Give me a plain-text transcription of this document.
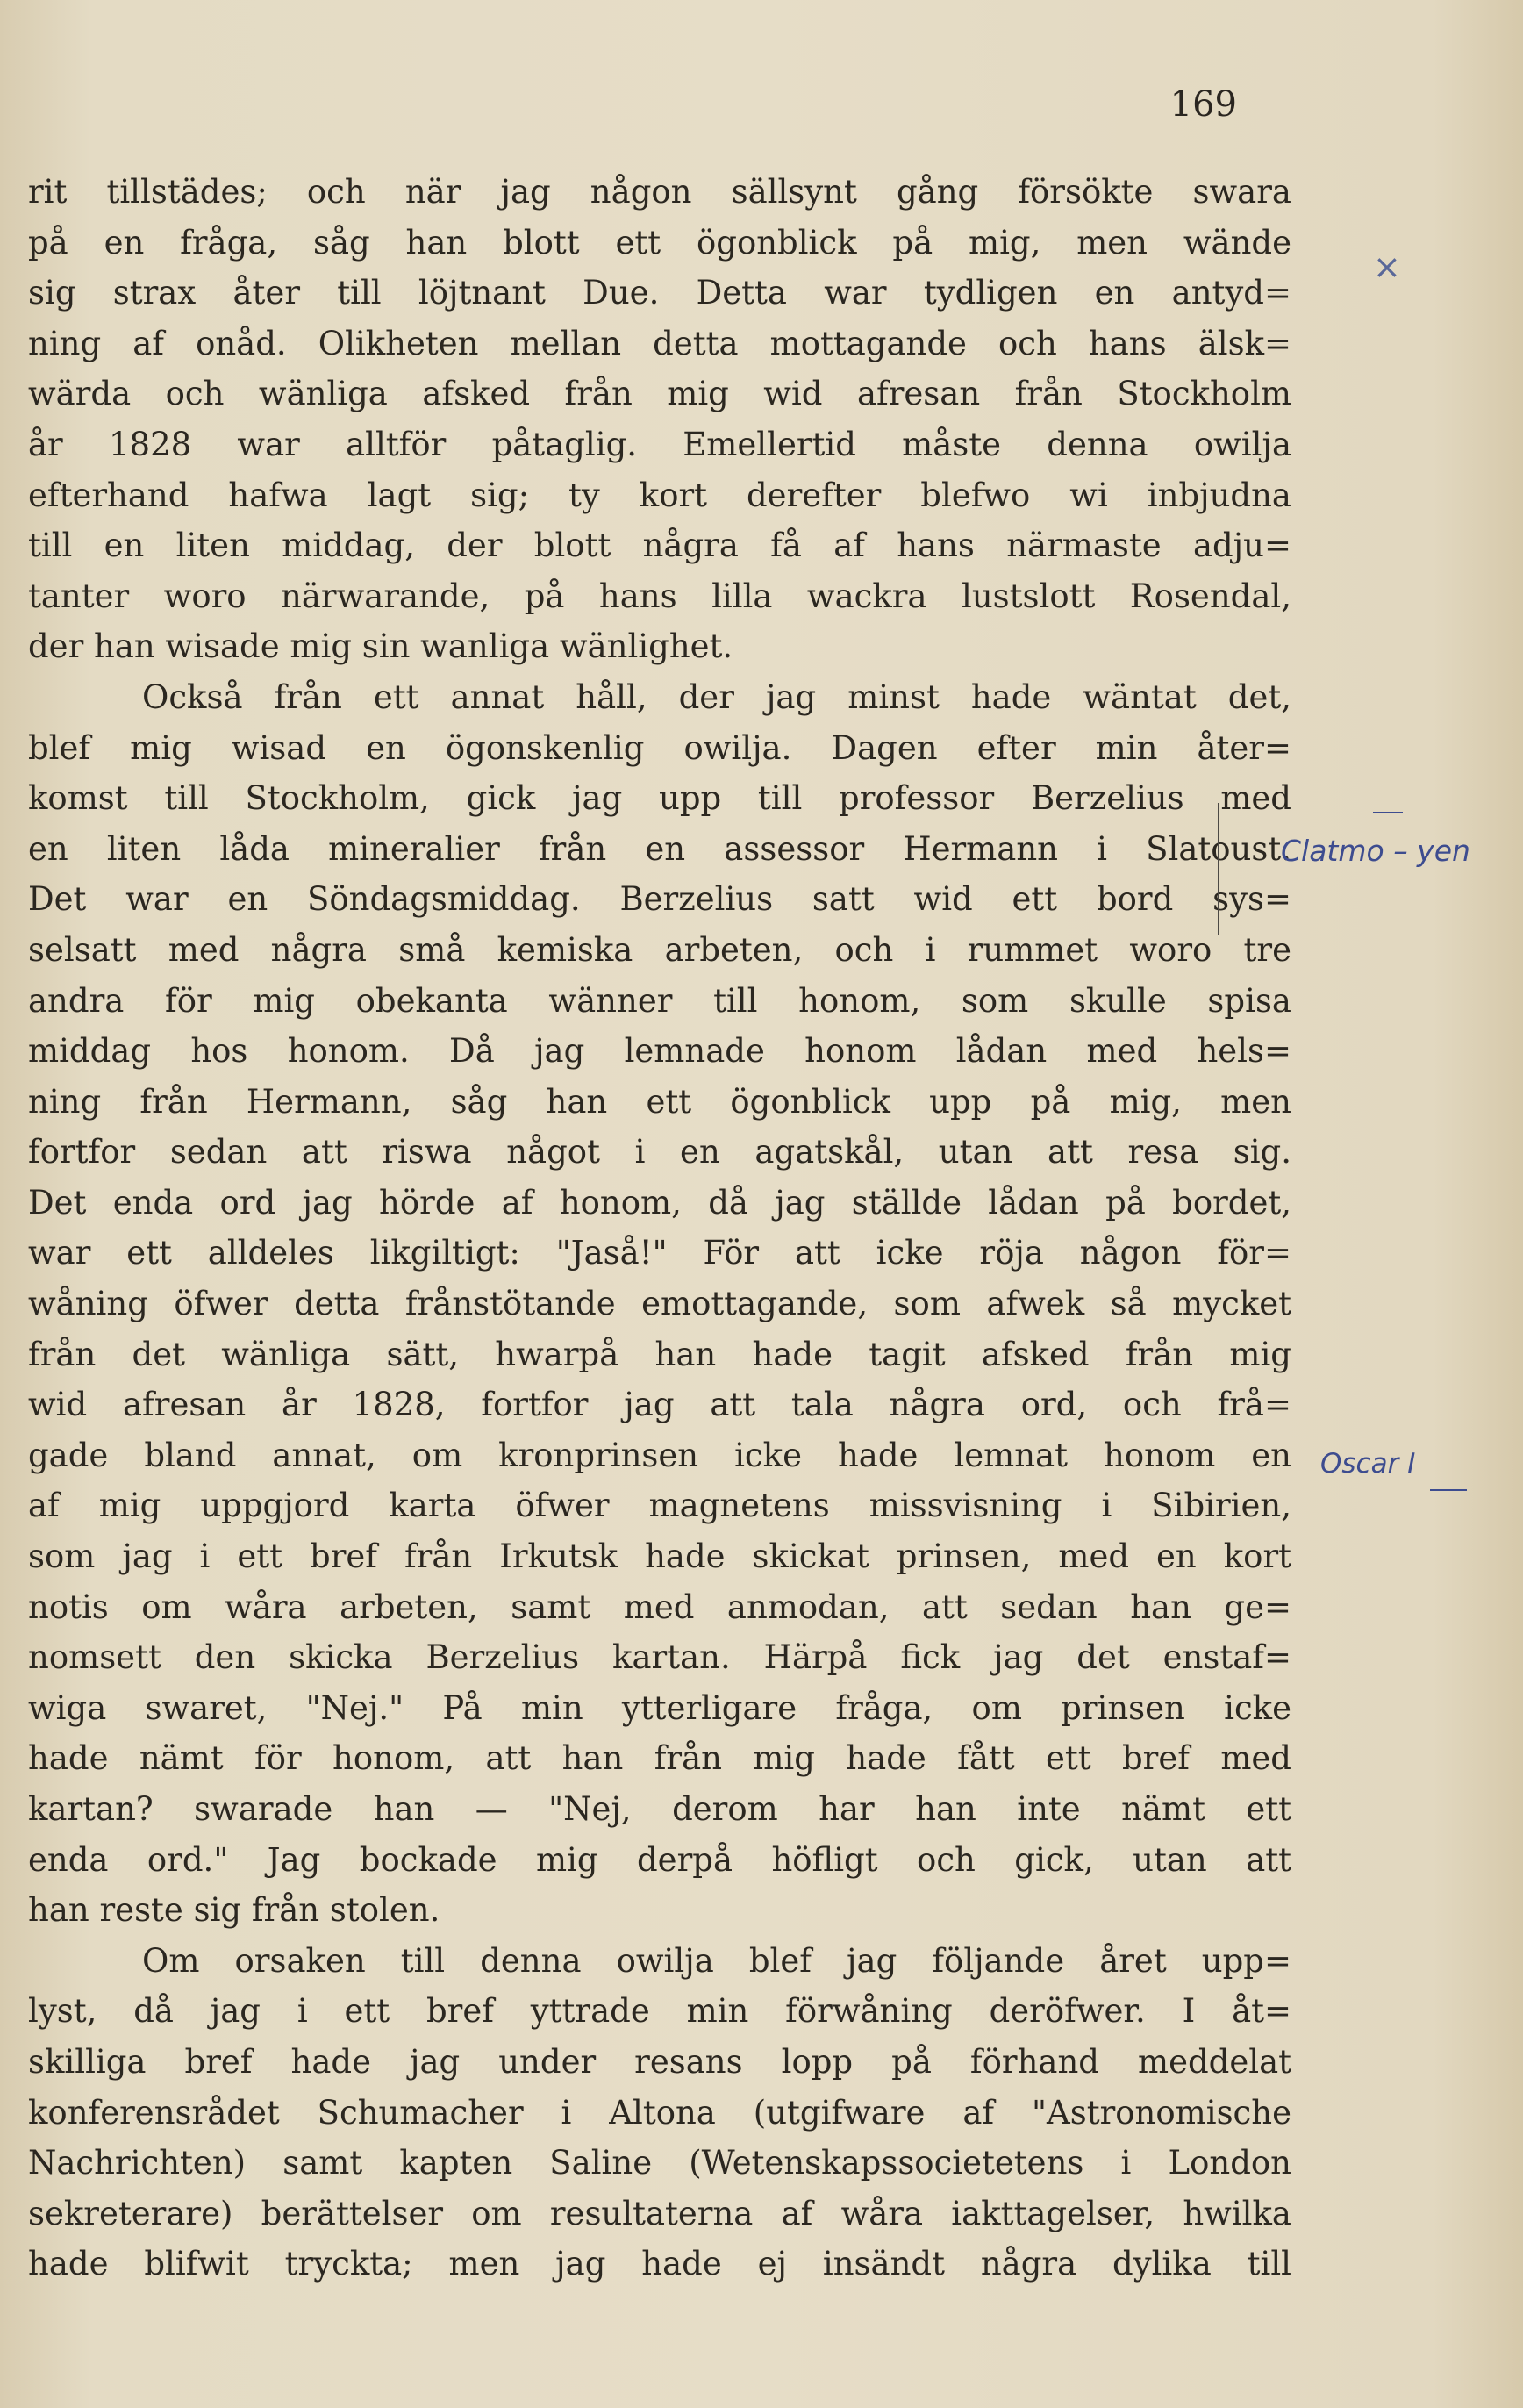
169
rit tillstädes; och när jag någon sällsynt gång försökte swara
på en fråga, såg han blott ett ögonblick på mig, men wände
sig strax åter till löjtnant Due. Detta war tydligen en antyd=
ning af onåd. Olikheten mellan detta mottagande och hans älsk=
wärda och wänliga afsked från mig wid afresan från Stockholm
år 1828 war alltför påtaglig. Emellertid måste denna owilja
efterhand hafwa lagt sig; ty kort derefter blefwo wi inbjudna
till en liten middag, der blott några få af hans närmaste adju=
tanter woro närwarande, på hans lilla wackra lustslott Rosendal,
der han wisade mig sin wanliga wänlighet.
Också från ett annat håll, der jag minst hade wäntat det,
blef mig wisad en ögonskenlig owilja. Dagen efter min åter=
komst till Stockholm, gick jag upp till professor Berzelius med
en liten låda mineralier från en assessor Hermann i Slatoust.
Det war en Söndagsmiddag. Berzelius satt wid ett bord sys=
selsatt med några små kemiska arbeten, och i rummet woro tre
andra för mig obekanta wänner till honom, som skulle spisa
middag hos honom. Då jag lemnade honom lådan med hels=
ning från Hermann, såg han ett ögonblick upp på mig, men
fortfor sedan att riswa något i en agatskål, utan att resa sig.
Det enda ord jag hörde af honom, då jag ställde lådan på bordet,
war ett alldeles likgiltigt: "Jaså!" För att icke röja någon för=
wåning öfwer detta frånstötande emottagande, som afwek så mycket
från det wänliga sätt, hwarpå han hade tagit afsked från mig
wid afresan år 1828, fortfor jag att tala några ord, och frå=
gade bland annat, om kronprinsen icke hade lemnat honom en
af mig uppgjord karta öfwer magnetens missvisning i Sibirien,
som jag i ett bref från Irkutsk hade skickat prinsen, med en kort
notis om wåra arbeten, samt med anmodan, att sedan han ge=
nomsett den skicka Berzelius kartan. Härpå fick jag det enstaf=
wiga swaret, "Nej." På min ytterligare fråga, om prinsen icke
hade nämt för honom, att han från mig hade fått ett bref med
kartan? swarade han — "Nej, derom har han inte nämt ett
enda ord." Jag bockade mig derpå höfligt och gick, utan att
han reste sig från stolen.
Om orsaken till denna owilja blef jag följande året upp=
lyst, då jag i ett bref yttrade min förwåning deröfwer. I åt=
skilliga bref hade jag under resans lopp på förhand meddelat
konferensrådet Schumacher i Altona (utgifware af "Astronomische
Nachrichten) samt kapten Saline (Wetenskapssocietetens i London
sekreterare) berättelser om resultaterna af wåra iakttagelser, hwilka
hade blifwit tryckta; men jag hade ej insändt några dylika till
×
Clatmo – yen
Oscar I
